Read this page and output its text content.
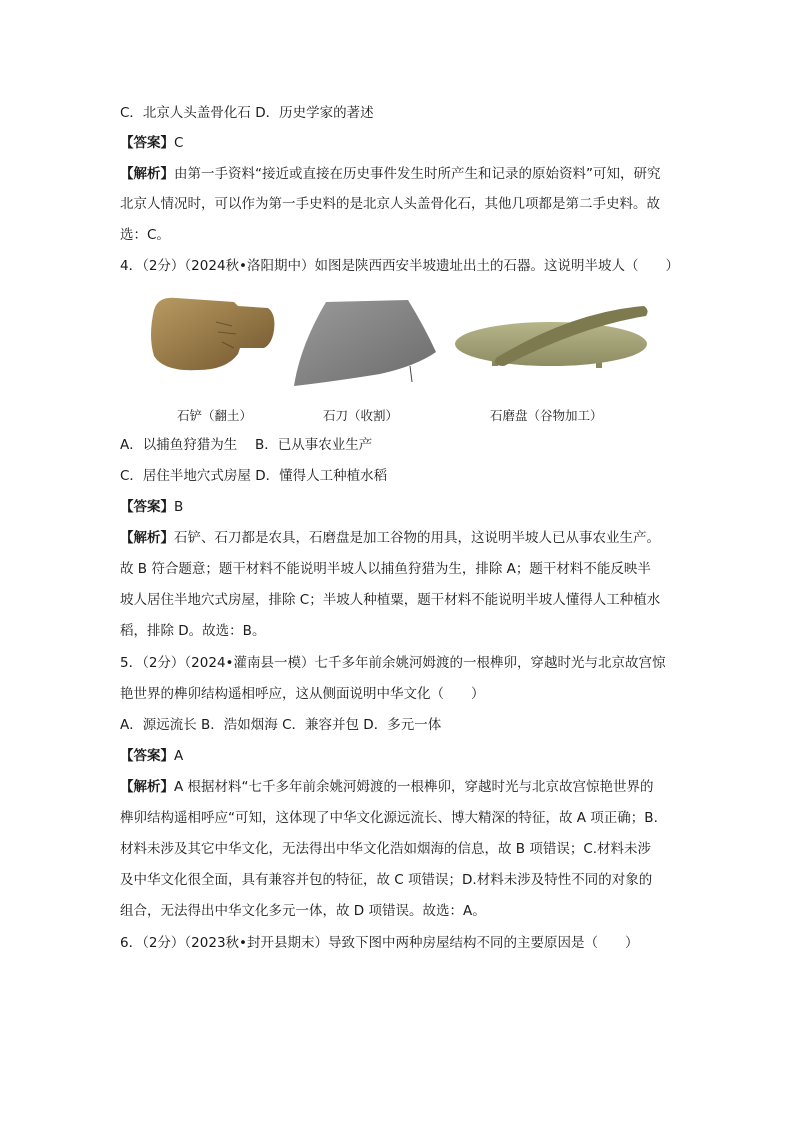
C．北京人头盖骨化石 D．历史学家的著述
【答案】C
【解析】由第一手资料“接近或直接在历史事件发生时所产生和记录的原始资料”可知，研究
北京人情况时，可以作为第一手史料的是北京人头盖骨化石，其他几项都是第二手史料。故
选：C。
4．（2分）（2024秋•洛阳期中）如图是陕西西安半坡遗址出土的石器。这说明半坡人（　　）
石铲（翻土）	石刀（收割）	石磨盘（谷物加工）
A．以捕鱼狩猎为生　 B．已从事农业生产
C．居住半地穴式房屋 D．懂得人工种植水稻
【答案】B
【解析】石铲、石刀都是农具，石磨盘是加工谷物的用具，这说明半坡人已从事农业生产。
故 B 符合题意；题干材料不能说明半坡人以捕鱼狩猎为生，排除 A；题干材料不能反映半
坡人居住半地穴式房屋，排除 C；半坡人种植粟，题干材料不能说明半坡人懂得人工种植水
稻，排除 D。故选：B。
5．（2分）（2024•灌南县一模）七千多年前余姚河姆渡的一根榫卯，穿越时光与北京故宫惊
艳世界的榫卯结构遥相呼应，这从侧面说明中华文化（　　）
A．源远流长 B．浩如烟海 C．兼容并包 D．多元一体
【答案】A
【解析】A 根据材料“七千多年前余姚河姆渡的一根榫卯，穿越时光与北京故宫惊艳世界的
榫卯结构遥相呼应“可知，这体现了中华文化源远流长、博大精深的特征，故 A 项正确；B.
材料未涉及其它中华文化，无法得出中华文化浩如烟海的信息，故 B 项错误；C.材料未涉
及中华文化很全面，具有兼容并包的特征，故 C 项错误；D.材料未涉及特性不同的对象的
组合，无法得出中华文化多元一体，故 D 项错误。故选：A。
6．（2分）（2023秋•封开县期末）导致下图中两种房屋结构不同的主要原因是（　　）
